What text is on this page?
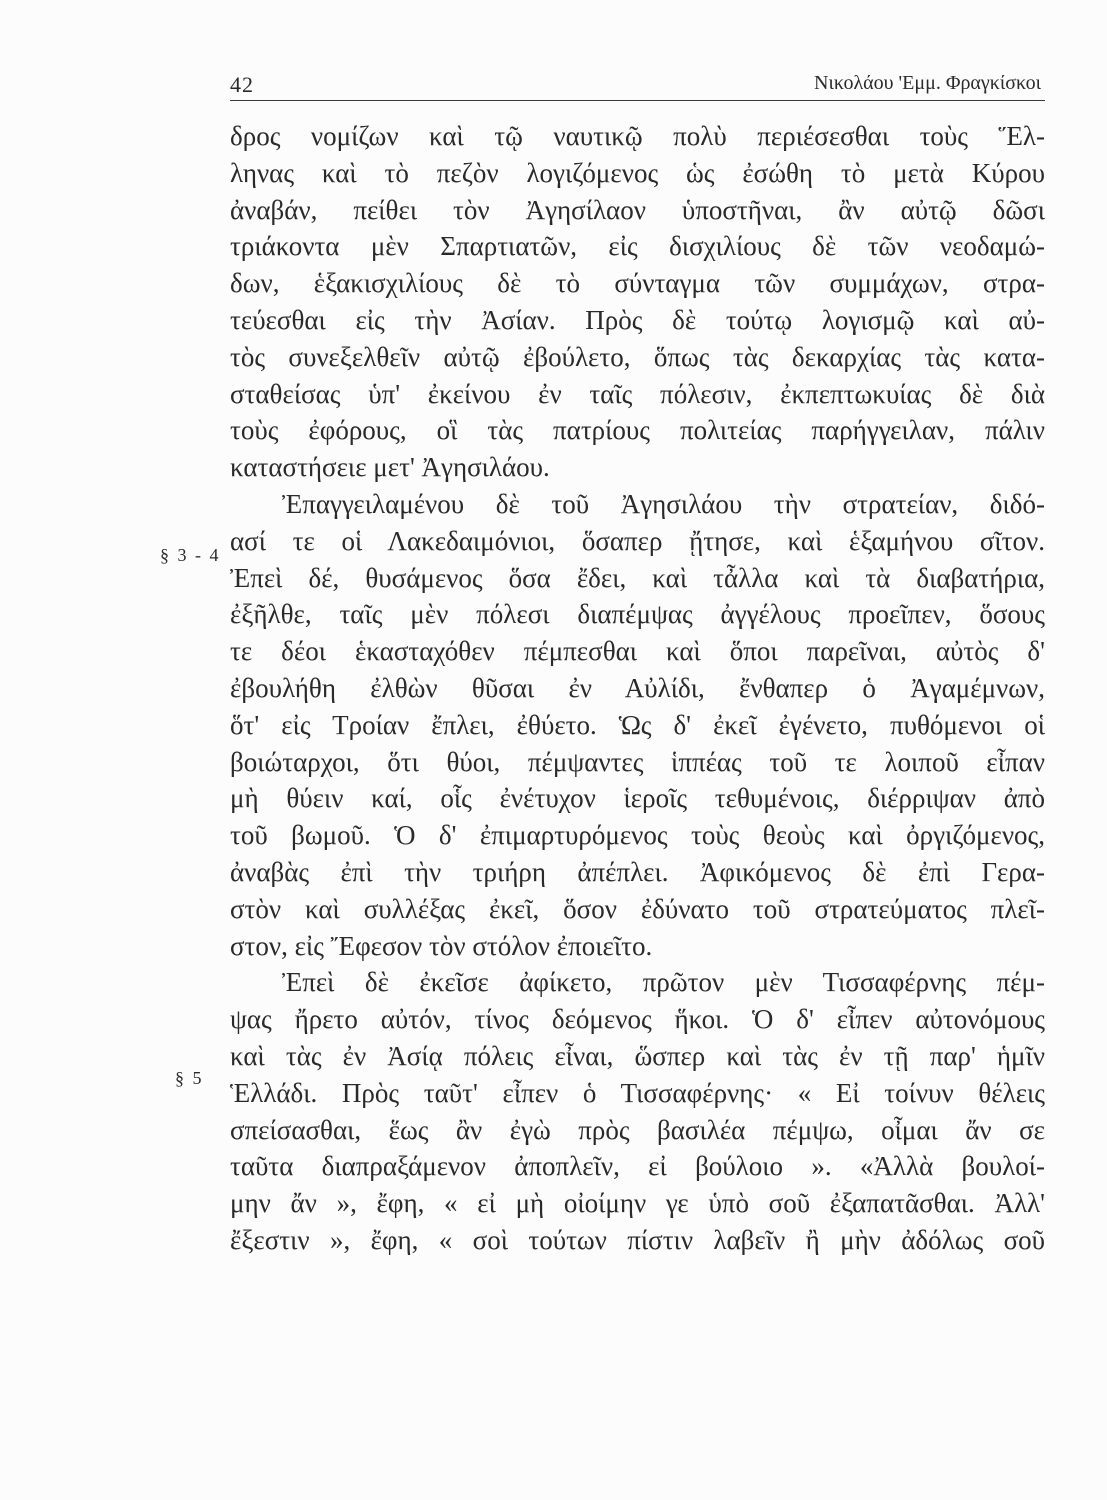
42	Νικολάου 'Εμμ. Φραγκίσκοι
§ 3 - 4
§ 5
δρος νομίζων καὶ τῷ ναυτικῷ πολὺ περιέσεσθαι τοὺς Ἕλ-
ληνας καὶ τὸ πεζὸν λογιζόμενος ὡς ἐσώθη τὸ μετὰ Κύρου
ἀναβάν, πείθει τὸν Ἀγησίλαον ὑποστῆναι, ἂν αὐτῷ δῶσι
τριάκοντα μὲν Σπαρτιατῶν, εἰς δισχιλίους δὲ τῶν νεοδαμώ-
δων, ἑξακισχιλίους δὲ τὸ σύνταγμα τῶν συμμάχων, στρα-
τεύεσθαι εἰς τὴν Ἀσίαν. Πρὸς δὲ τούτῳ λογισμῷ καὶ αὐ-
τὸς συνεξελθεῖν αὐτῷ ἐβούλετο, ὅπως τὰς δεκαρχίας τὰς κατα-
σταθείσας ὑπ' ἐκείνου ἐν ταῖς πόλεσιν, ἐκπεπτωκυίας δὲ διὰ
τοὺς ἐφόρους, οἳ τὰς πατρίους πολιτείας παρήγγειλαν, πάλιν
καταστήσειε μετ' Ἀγησιλάου.
Ἐπαγγειλαμένου δὲ τοῦ Ἀγησιλάου τὴν στρατείαν, διδό-
ασί τε οἱ Λακεδαιμόνιοι, ὅσαπερ ᾔτησε, καὶ ἑξαμήνου σῖτον.
Ἐπεὶ δέ, θυσάμενος ὅσα ἔδει, καὶ τἆλλα καὶ τὰ διαβατήρια,
ἐξῆλθε, ταῖς μὲν πόλεσι διαπέμψας ἀγγέλους προεῖπεν, ὅσους
τε δέοι ἑκασταχόθεν πέμπεσθαι καὶ ὅποι παρεῖναι, αὐτὸς δ'
ἐβουλήθη ἐλθὼν θῦσαι ἐν Αὐλίδι, ἔνθαπερ ὁ Ἀγαμέμνων,
ὅτ' εἰς Τροίαν ἔπλει, ἐθύετο. Ὡς δ' ἐκεῖ ἐγένετο, πυθόμενοι οἱ
βοιώταρχοι, ὅτι θύοι, πέμψαντες ἱππέας τοῦ τε λοιποῦ εἶπαν
μὴ θύειν καί, οἷς ἐνέτυχον ἱεροῖς τεθυμένοις, διέρριψαν ἀπὸ
τοῦ βωμοῦ. Ὁ δ' ἐπιμαρτυρόμενος τοὺς θεοὺς καὶ ὀργιζόμενος,
ἀναβὰς ἐπὶ τὴν τριήρη ἀπέπλει. Ἀφικόμενος δὲ ἐπὶ Γερα-
στὸν καὶ συλλέξας ἐκεῖ, ὅσον ἐδύνατο τοῦ στρατεύματος πλεῖ-
στον, εἰς Ἔφεσον τὸν στόλον ἐποιεῖτο.
Ἐπεὶ δὲ ἐκεῖσε ἀφίκετο, πρῶτον μὲν Τισσαφέρνης πέμ-
ψας ἤρετο αὐτόν, τίνος δεόμενος ἥκοι. Ὁ δ' εἶπεν αὐτονόμους
καὶ τὰς ἐν Ἀσίᾳ πόλεις εἶναι, ὥσπερ καὶ τὰς ἐν τῇ παρ' ἡμῖν
Ἑλλάδι. Πρὸς ταῦτ' εἶπεν ὁ Τισσαφέρνης· « Εἰ τοίνυν θέλεις
σπείσασθαι, ἕως ἂν ἐγὼ πρὸς βασιλέα πέμψω, οἶμαι ἄν σε
ταῦτα διαπραξάμενον ἀποπλεῖν, εἰ βούλοιο ». «Ἀλλὰ βουλοί-
μην ἄν », ἔφη, « εἰ μὴ οἰοίμην γε ὑπὸ σοῦ ἐξαπατᾶσθαι. Ἀλλ'
ἔξεστιν », ἔφη, « σοὶ τούτων πίστιν λαβεῖν ἢ μὴν ἀδόλως σοῦ
